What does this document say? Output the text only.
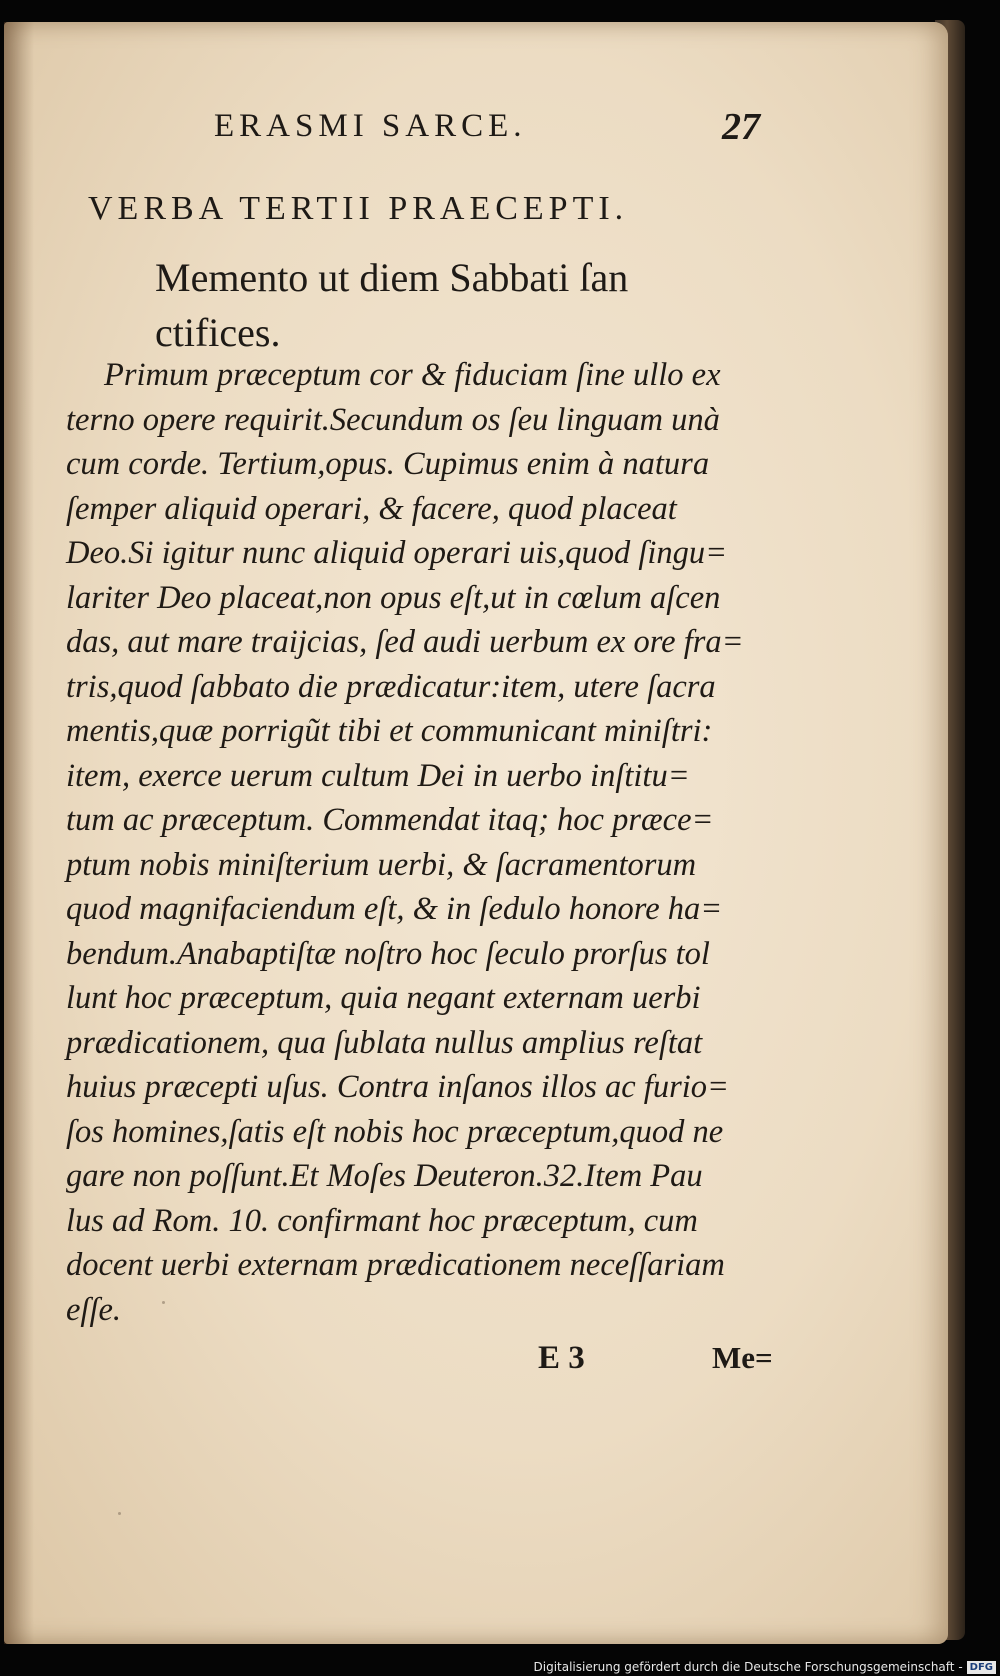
ERASMI SARCE.	27
VERBA TERTII PRAECEPTI.
Memento ut diem Sabbati ſan
ctifices.
Primum præceptum cor & fiduciam ſine ullo ex
terno opere requirit.Secundum os ſeu linguam unà
cum corde. Tertium,opus. Cupimus enim à natura
ſemper aliquid operari, & facere, quod placeat
Deo.Si igitur nunc aliquid operari uis,quod ſingu=
lariter Deo placeat,non opus eſt,ut in cœlum aſcen
das, aut mare traijcias, ſed audi uerbum ex ore fra=
tris,quod ſabbato die prædicatur:item, utere ſacra
mentis,quæ porrigũt tibi et communicant miniſtri:
item, exerce uerum cultum Dei in uerbo inſtitu=
tum ac præceptum. Commendat itaq; hoc præce=
ptum nobis miniſterium uerbi, & ſacramentorum
quod magnifaciendum eſt, & in ſedulo honore ha=
bendum.Anabaptiſtæ noſtro hoc ſeculo prorſus tol
lunt hoc præceptum, quia negant externam uerbi
prædicationem, qua ſublata nullus amplius reſtat
huius præcepti uſus. Contra inſanos illos ac furio=
ſos homines,ſatis eſt nobis hoc præceptum,quod ne
gare non poſſunt.Et Moſes Deuteron.32.Item Pau
lus ad Rom. 10. confirmant hoc præceptum, cum
docent uerbi externam prædicationem neceſſariam
eſſe.
E 3	Me=
Digitalisierung gefördert durch die Deutsche Forschungsgemeinschaft - DFG
